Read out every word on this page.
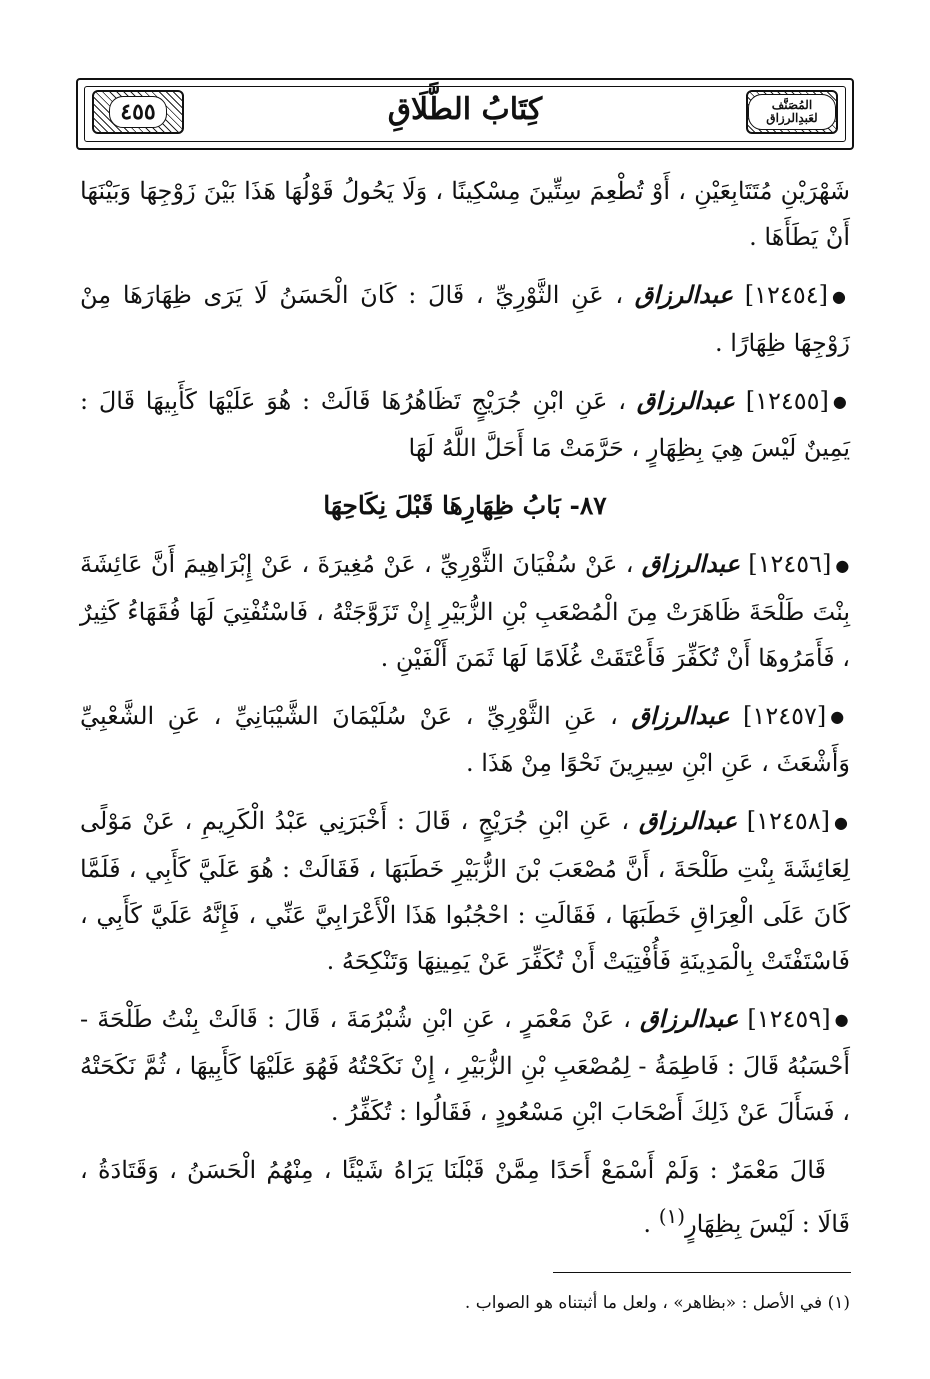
٤٥٥	كِتَابُ الطَّلَاقِ	المُصَنَّف لعَبدِالرزاق

شَهْرَيْنِ مُتَتَابِعَيْنِ ، أَوْ تُطْعِمَ سِتِّينَ مِسْكِينًا ، وَلَا يَحُولُ قَوْلُهَا هَذَا بَيْنَ زَوْجِهَا وَبَيْنَهَا أَنْ يَطَأَهَا .

●[١٢٤٥٤] عبدالرزاق ، عَنِ الثَّوْرِيِّ ، قَالَ : كَانَ الْحَسَنُ لَا يَرَى ظِهَارَهَا مِنْ زَوْجِهَا ظِهَارًا .

●[١٢٤٥٥] عبدالرزاق ، عَنِ ابْنِ جُرَيْجٍ تَظَاهُرُهَا قَالَتْ : هُوَ عَلَيْهَا كَأَبِيهَا قَالَ : يَمِينٌ لَيْسَ هِيَ بِظِهَارٍ ، حَرَّمَتْ مَا أَحَلَّ اللَّهُ لَهَا

٨٧- بَابُ ظِهَارِهَا قَبْلَ نِكَاحِهَا

●[١٢٤٥٦] عبدالرزاق ، عَنْ سُفْيَانَ الثَّوْرِيِّ ، عَنْ مُغِيرَةَ ، عَنْ إِبْرَاهِيمَ أَنَّ عَائِشَةَ بِنْتَ طَلْحَةَ ظَاهَرَتْ مِنَ الْمُصْعَبِ بْنِ الزُّبَيْرِ إِنْ تَزَوَّجَتْهُ ، فَاسْتُفْتِيَ لَهَا فُقَهَاءُ كَثِيرٌ ، فَأَمَرُوهَا أَنْ تُكَفِّرَ فَأَعْتَقَتْ غُلَامًا لَهَا ثَمَنَ أَلْفَيْنِ .

●[١٢٤٥٧] عبدالرزاق ، عَنِ الثَّوْرِيِّ ، عَنْ سُلَيْمَانَ الشَّيْبَانِيِّ ، عَنِ الشَّعْبِيِّ وَأَشْعَثَ ، عَنِ ابْنِ سِيرِينَ نَحْوًا مِنْ هَذَا .

●[١٢٤٥٨] عبدالرزاق ، عَنِ ابْنِ جُرَيْجٍ ، قَالَ : أَخْبَرَنِي عَبْدُ الْكَرِيمِ ، عَنْ مَوْلًى لِعَائِشَةَ بِنْتِ طَلْحَةَ ، أَنَّ مُصْعَبَ بْنَ الزُّبَيْرِ خَطَبَهَا ، فَقَالَتْ : هُوَ عَلَيَّ كَأَبِي ، فَلَمَّا كَانَ عَلَى الْعِرَاقِ خَطَبَهَا ، فَقَالَتِ : احْجُبُوا هَذَا الْأَعْرَابِيَّ عَنِّي ، فَإِنَّهُ عَلَيَّ كَأَبِي ، فَاسْتَفْتَتْ بِالْمَدِينَةِ فَأُفْتِيَتْ أَنْ تُكَفِّرَ عَنْ يَمِينِهَا وَتَنْكِحَهُ .

●[١٢٤٥٩] عبدالرزاق ، عَنْ مَعْمَرٍ ، عَنِ ابْنِ شُبْرُمَةَ ، قَالَ : قَالَتْ بِنْتُ طَلْحَةَ - أَحْسَبُهُ قَالَ : فَاطِمَةُ - لِمُصْعَبِ بْنِ الزُّبَيْرِ ، إِنْ نَكَحْتُهُ فَهُوَ عَلَيْهَا كَأَبِيهَا ، ثُمَّ نَكَحَتْهُ ، فَسَأَلَ عَنْ ذَلِكَ أَصْحَابَ ابْنِ مَسْعُودٍ ، فَقَالُوا : تُكَفِّرُ .

قَالَ مَعْمَرٌ : وَلَمْ أَسْمَعْ أَحَدًا مِمَّنْ قَبْلَنَا يَرَاهُ شَيْئًا ، مِنْهُمُ الْحَسَنُ ، وَقَتَادَةُ ، قَالَا : لَيْسَ بِظِهَارٍ$^{(١)}$ .

(١) في الأصل : «بظاهر» ، ولعل ما أثبتناه هو الصواب .
